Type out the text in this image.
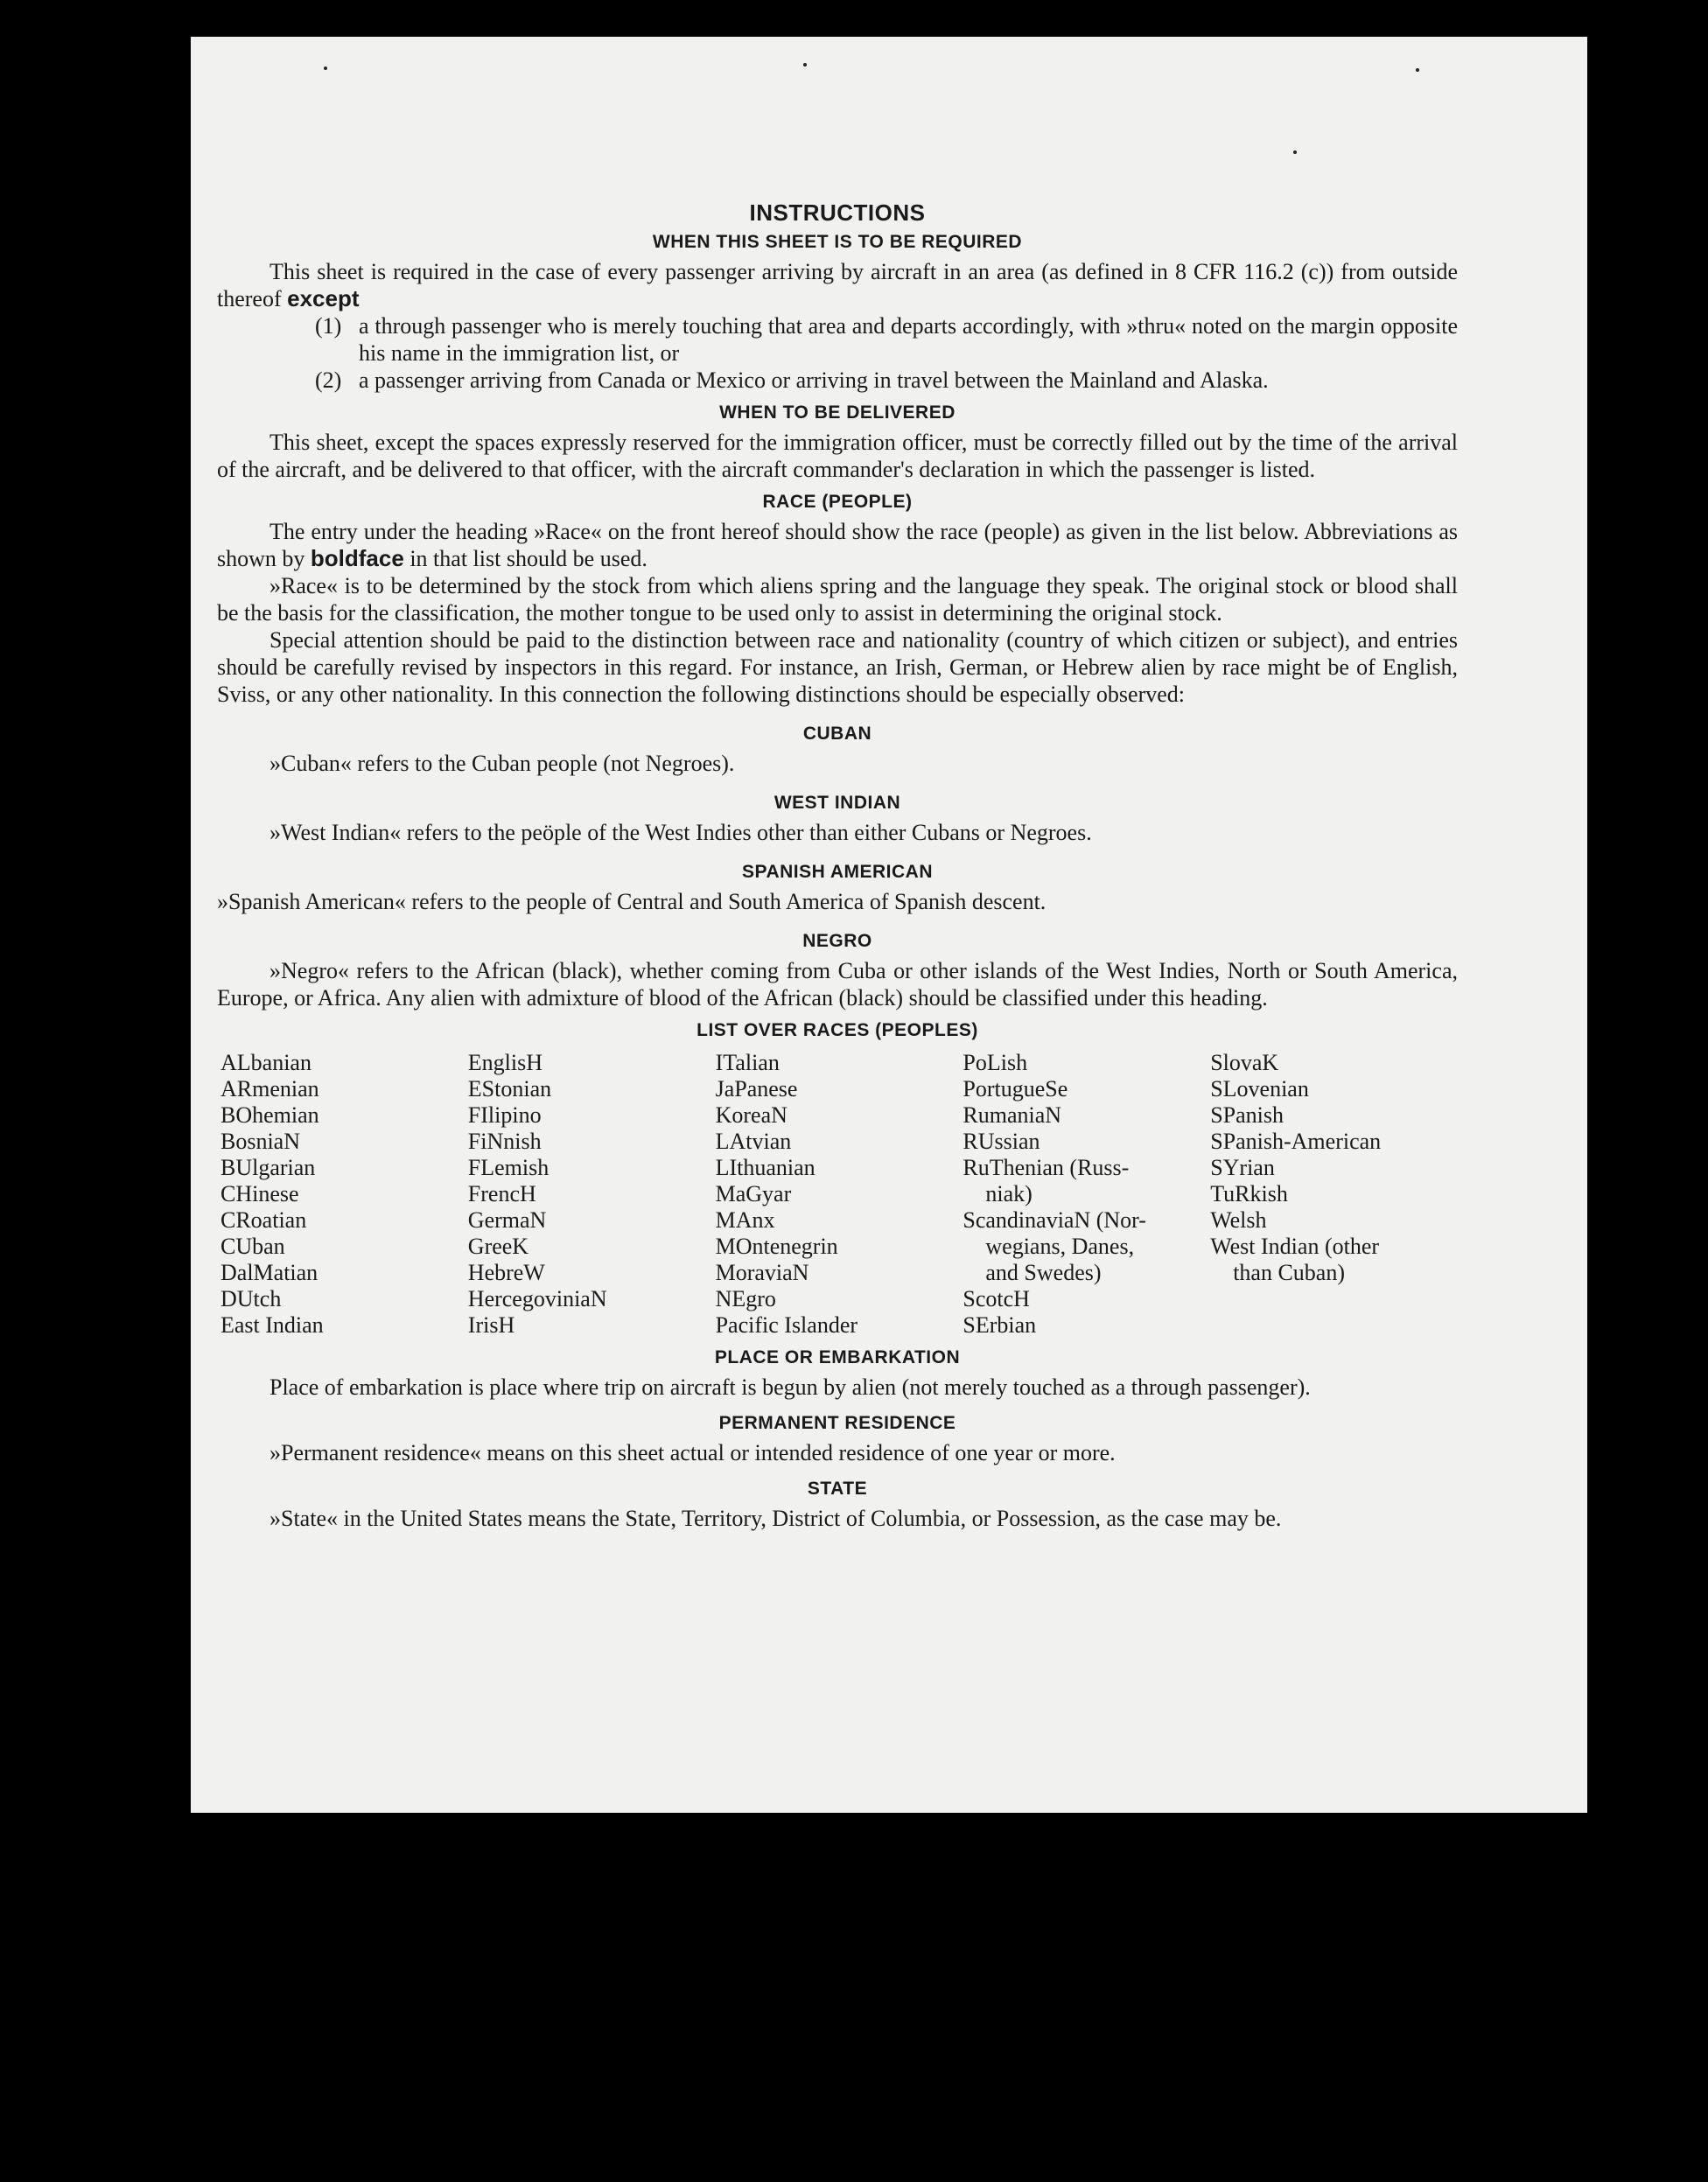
INSTRUCTIONS
WHEN THIS SHEET IS TO BE REQUIRED

This sheet is required in the case of every passenger arriving by aircraft in an area (as defined in 8 CFR 116.2 (c)) from outside thereof except

(1) a through passenger who is merely touching that area and departs accordingly, with »thru« noted on the margin opposite his name in the immigration list, or
(2) a passenger arriving from Canada or Mexico or arriving in travel between the Mainland and Alaska.
WHEN TO BE DELIVERED

This sheet, except the spaces expressly reserved for the immigration officer, must be correctly filled out by the time of the arrival of the aircraft, and be delivered to that officer, with the aircraft commander's declaration in which the passenger is listed.

RACE (PEOPLE)

The entry under the heading »Race« on the front hereof should show the race (people) as given in the list below. Abbreviations as shown by boldface in that list should be used.

»Race« is to be determined by the stock from which aliens spring and the language they speak. The original stock or blood shall be the basis for the classification, the mother tongue to be used only to assist in determining the original stock.

Special attention should be paid to the distinction between race and nationality (country of which citizen or subject), and entries should be carefully revised by inspectors in this regard. For instance, an Irish, German, or Hebrew alien by race might be of English, Sviss, or any other nationality. In this connection the following distinctions should be especially observed:

CUBAN

»Cuban« refers to the Cuban people (not Negroes).

WEST INDIAN

»West Indian« refers to the peöple of the West Indies other than either Cubans or Negroes.

SPANISH AMERICAN

»Spanish American« refers to the people of Central and South America of Spanish descent.

NEGRO

»Negro« refers to the African (black), whether coming from Cuba or other islands of the West Indies, North or South America, Europe, or Africa. Any alien with admixture of blood of the African (black) should be classified under this heading.

LIST OVER RACES (PEOPLES)
ALbanian
ARmenian
BOhemian
BosniaN
BUlgarian
CHinese
CRoatian
CUban
DalMatian
DUtch
East Indian
EnglisH
EStonian
FIlipino
FiNnish
FLemish
FrencH
GermaN
GreeK
HebreW
HercegoviniaN
IrisH
ITalian
JaPanese
KoreaN
LAtvian
LIthuanian
MaGyar
MAnx
MOntenegrin
MoraviaN
NEgro
Pacific Islander
PoLish
PortugueSe
RumaniaN
RUssian
RuThenian (Russ-
niak)
ScandinaviaN (Nor-
wegians, Danes,
and Swedes)
ScotcH
SErbian
SlovaK
SLovenian
SPanish
SPanish-American
SYrian
TuRkish
Welsh
West Indian (other
than Cuban)
PLACE OR EMBARKATION

Place of embarkation is place where trip on aircraft is begun by alien (not merely touched as a through passenger).

PERMANENT RESIDENCE

»Permanent residence« means on this sheet actual or intended residence of one year or more.

STATE

»State« in the United States means the State, Territory, District of Columbia, or Possession, as the case may be.
